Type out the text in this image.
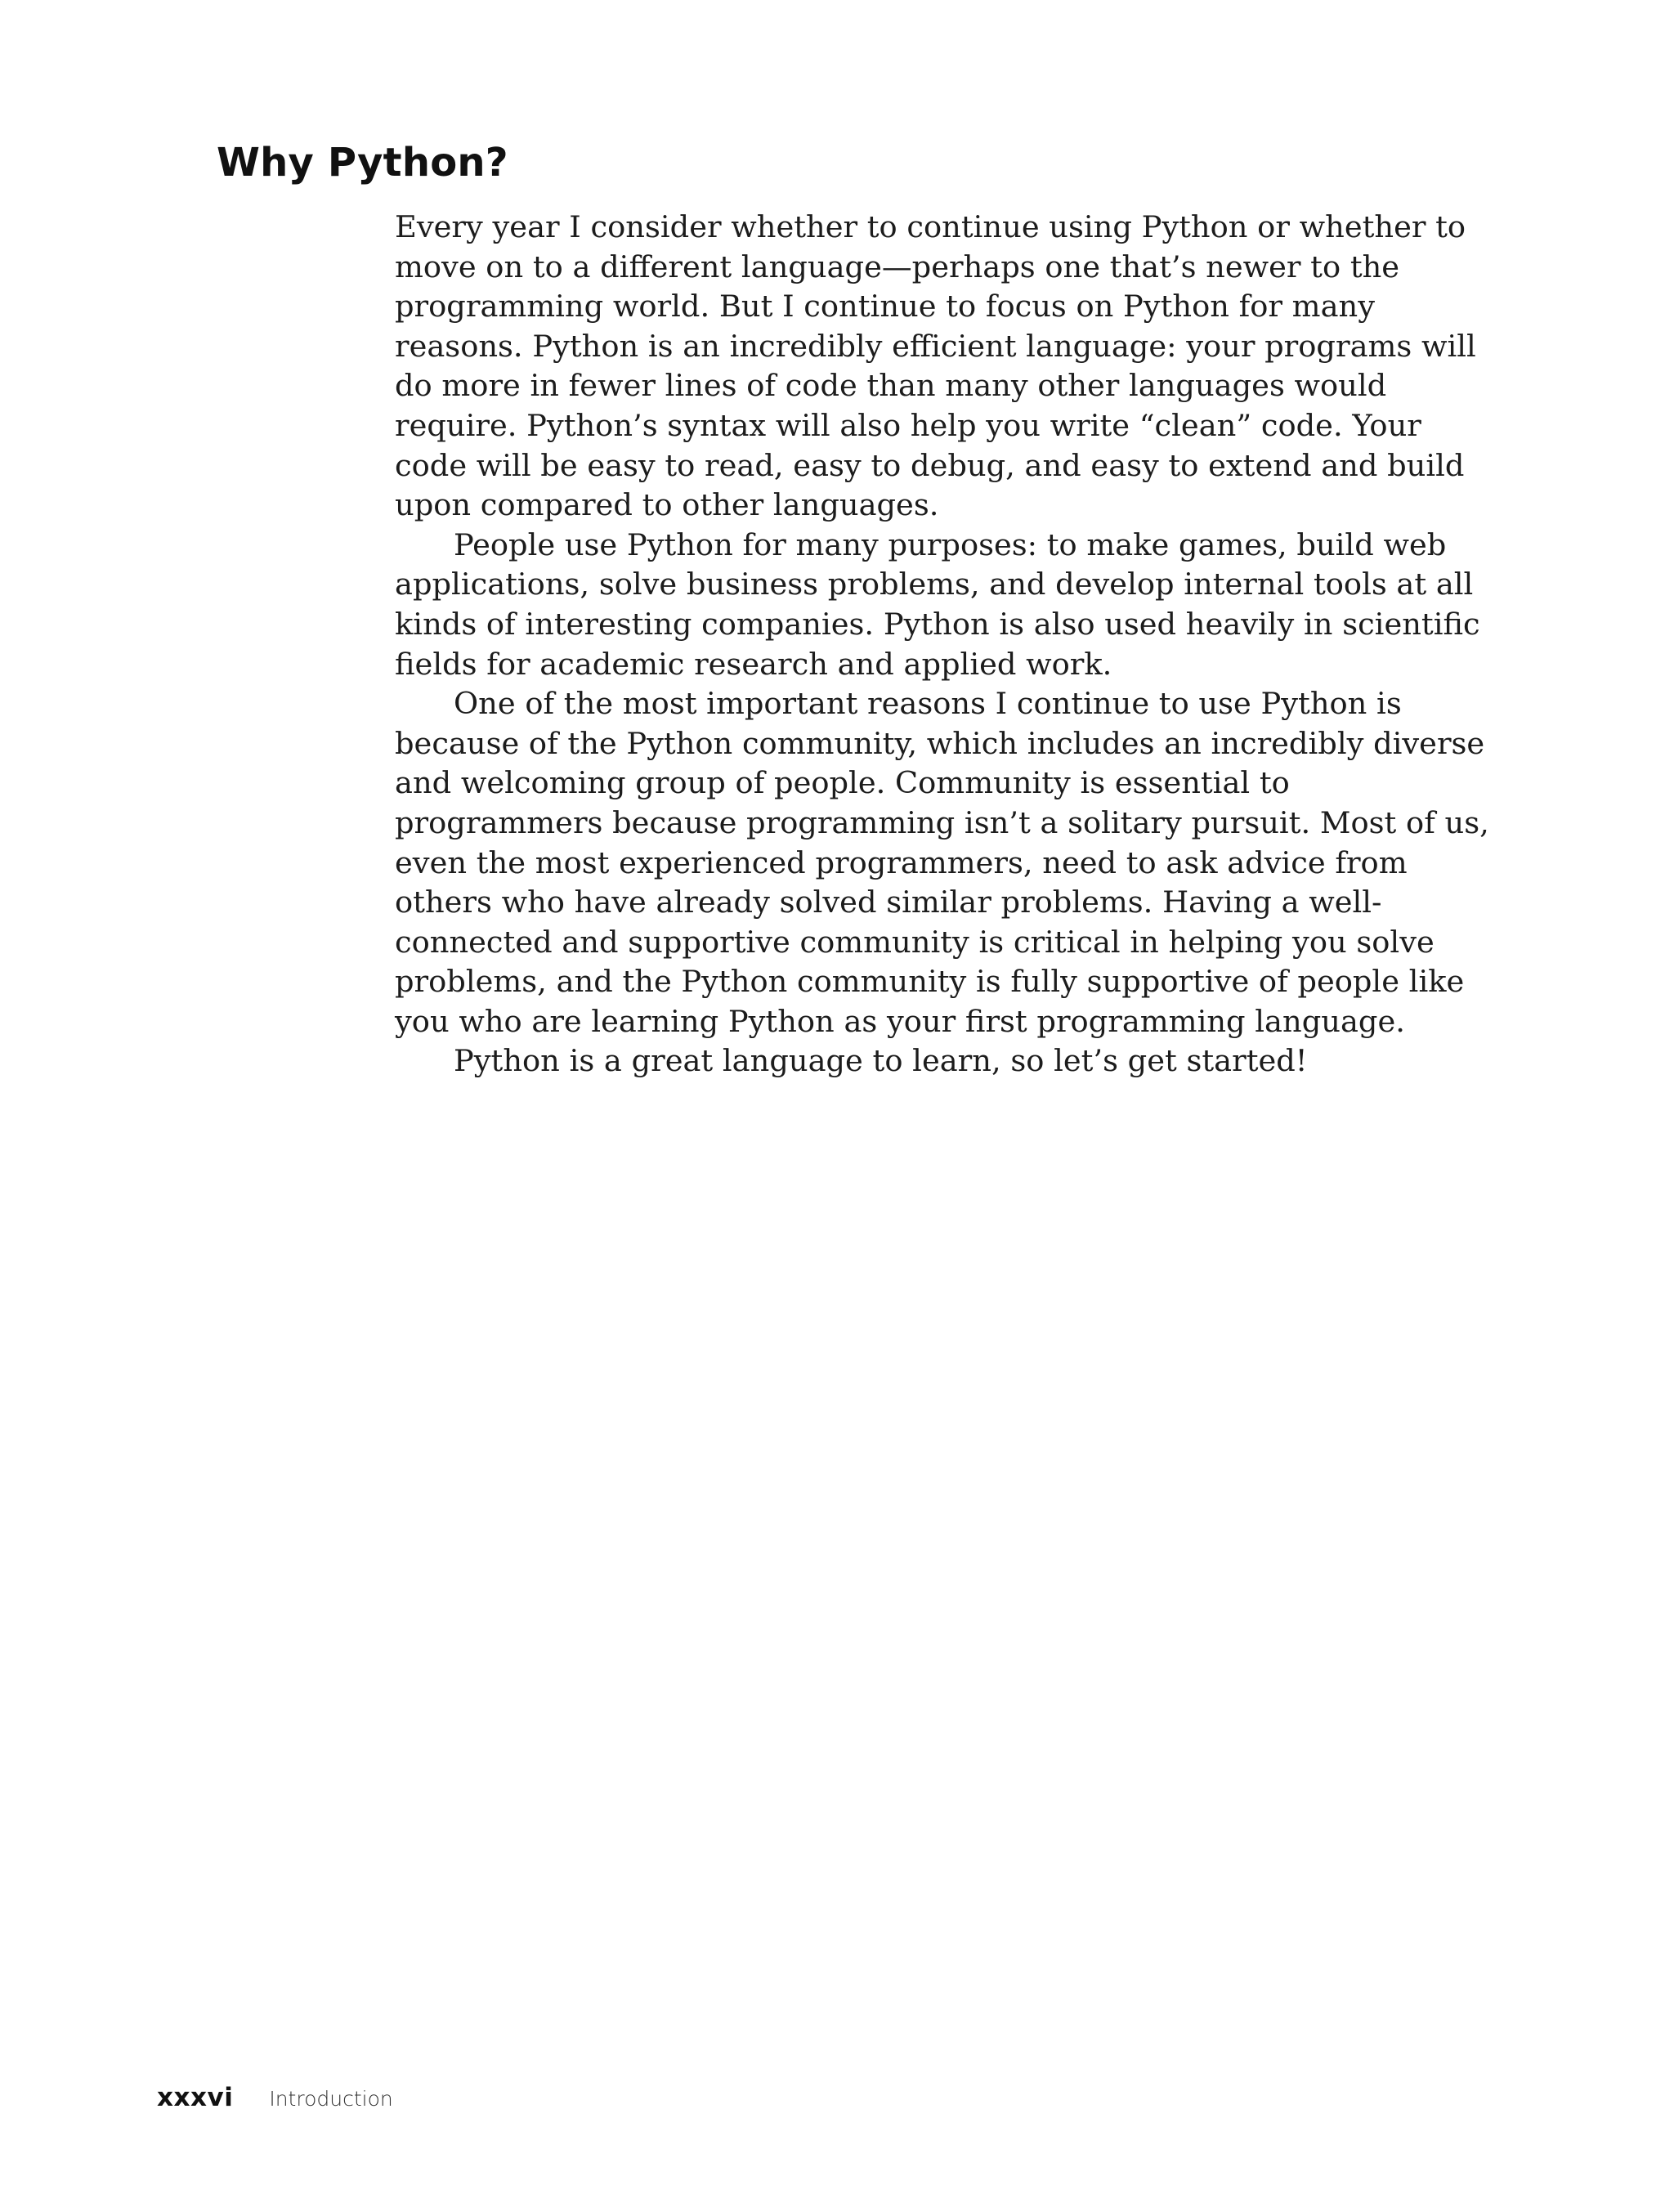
Why Python?

Every year I consider whether to continue using Python or whether to move on to a different language—perhaps one that’s newer to the programming world. But I continue to focus on Python for many reasons. Python is an incredibly efficient language: your programs will do more in fewer lines of code than many other languages would require. Python’s syntax will also help you write “clean” code. Your code will be easy to read, easy to debug, and easy to extend and build upon compared to other languages.

People use Python for many purposes: to make games, build web applications, solve business problems, and develop internal tools at all kinds of interesting companies. Python is also used heavily in scientific fields for academic research and applied work.

One of the most important reasons I continue to use Python is because of the Python community, which includes an incredibly diverse and welcoming group of people. Community is essential to programmers because programming isn’t a solitary pursuit. Most of us, even the most experienced programmers, need to ask advice from others who have already solved similar problems. Having a well-connected and supportive community is critical in helping you solve problems, and the Python community is fully supportive of people like you who are learning Python as your first programming language.

Python is a great language to learn, so let’s get started!

xxxvi Introduction
